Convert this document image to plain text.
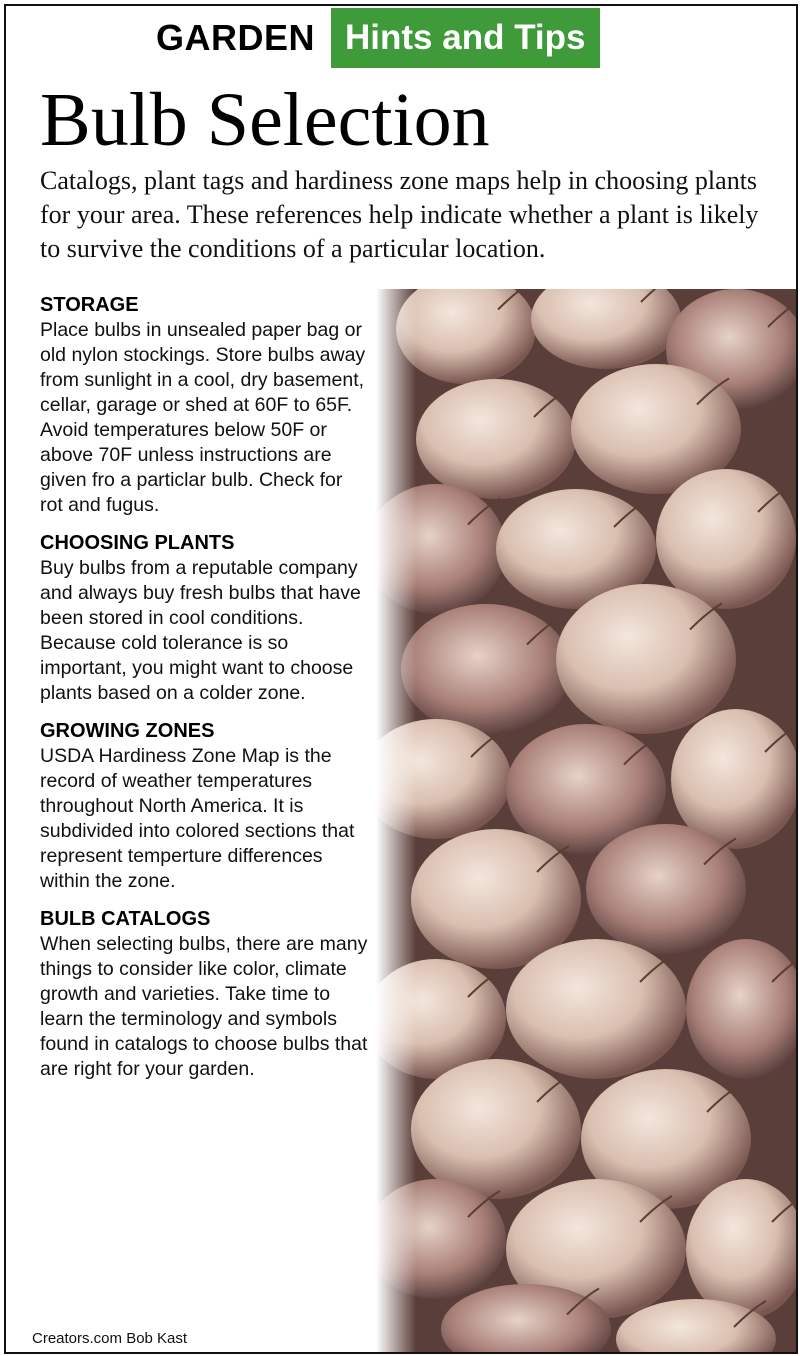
GARDEN Hints and Tips
Bulb Selection
Catalogs, plant tags and hardiness zone maps help in choosing plants for your area. These references help indicate whether a plant is likely to survive the conditions of a particular location.
STORAGE
Place bulbs in unsealed paper bag or old nylon stockings. Store bulbs away from sunlight in a cool, dry basement, cellar, garage or shed at 60F to 65F. Avoid temperatures below 50F or above 70F unless instructions are given fro a particlar bulb. Check for rot and fugus.
CHOOSING PLANTS
Buy bulbs from a reputable company and always buy fresh bulbs that have been stored in cool conditions.
Because cold tolerance is so important, you might want to choose plants based on a colder zone.
GROWING ZONES
USDA Hardiness Zone Map is the record of weather temperatures throughout North America. It is subdivided into colored sections that represent temperture differences within the zone.
BULB CATALOGS
When selecting bulbs, there are many things to consider like color, climate growth and varieties. Take time to learn the terminology and symbols found in catalogs to choose bulbs that are right for your garden.
Creators.com Bob Kast
